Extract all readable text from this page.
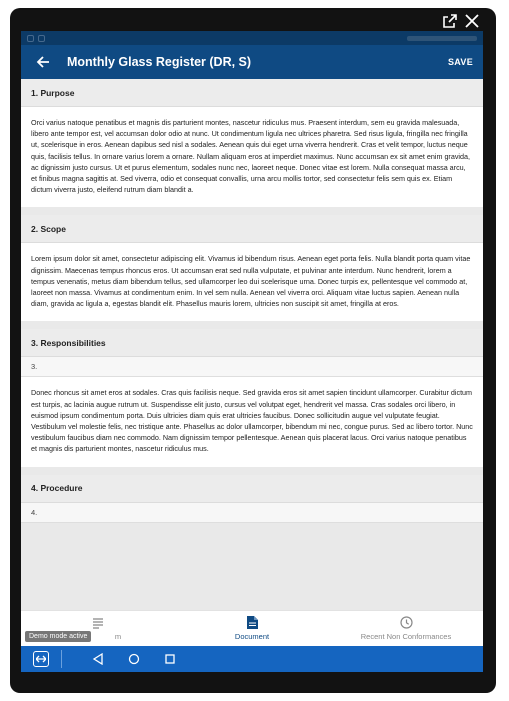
Monthly Glass Register (DR, S)	SAVE
1. Purpose
Orci varius natoque penatibus et magnis dis parturient montes, nascetur ridiculus mus. Praesent interdum, sem eu gravida malesuada, libero ante tempor est, vel accumsan dolor odio at nunc. Ut condimentum ligula nec ultrices pharetra. Sed risus ligula, fringilla nec fringilla ut, scelerisque in eros. Aenean dapibus sed nisl a sodales. Aenean quis dui eget urna viverra hendrerit. Cras et velit tempor, luctus neque quis, facilisis tellus. In ornare varius lorem a ornare. Nullam aliquam eros at imperdiet maximus. Nunc accumsan ex sit amet enim gravida, ac dignissim justo cursus. Ut et purus elementum, sodales nunc nec, laoreet neque. Donec vitae est lorem. Nulla consequat massa arcu, et finibus magna sagittis at. Sed viverra, odio et consequat convallis, urna arcu mollis tortor, sed consectetur felis sem quis ex. Etiam dictum viverra justo, eleifend rutrum diam blandit a.
2. Scope
Lorem ipsum dolor sit amet, consectetur adipiscing elit. Vivamus id bibendum risus. Aenean eget porta felis. Nulla blandit porta quam vitae dignissim. Maecenas tempus rhoncus eros. Ut accumsan erat sed nulla vulputate, et pulvinar ante interdum. Nunc hendrerit, lorem a tempus venenatis, metus diam bibendum tellus, sed ullamcorper leo dui scelerisque urna. Donec turpis ex, pellentesque vel commodo at, laoreet non massa. Vivamus at condimentum enim. In vel sem nulla. Aenean vel viverra orci. Aliquam vitae luctus sapien. Aenean nulla diam, gravida ac ligula a, egestas blandit elit. Phasellus mauris lorem, ultricies non suscipit sit amet, fringilla at eros.
3. Responsibilities
3.
Donec rhoncus sit amet eros at sodales. Cras quis facilisis neque. Sed gravida eros sit amet sapien tincidunt ullamcorper. Curabitur dictum est turpis, ac lacinia augue rutrum ut. Suspendisse elit justo, cursus vel volutpat eget, hendrerit vel massa. Cras sodales orci libero, in euismod ipsum condimentum porta. Duis ultricies diam quis erat ultricies faucibus. Donec sollicitudin augue vel vulputate feugiat. Vestibulum vel molestie felis, nec tristique ante. Phasellus ac dolor ullamcorper, bibendum mi nec, congue purus. Sed ac libero tortor. Nunc vestibulum faucibus diam nec commodo. Nam dignissim tempor pellentesque. Aenean quis placerat lacus. Orci varius natoque penatibus et magnis dis parturient montes, nascetur ridiculus mus.
4. Procedure
4.
m	Document	Recent Non Conformances
Demo mode active
